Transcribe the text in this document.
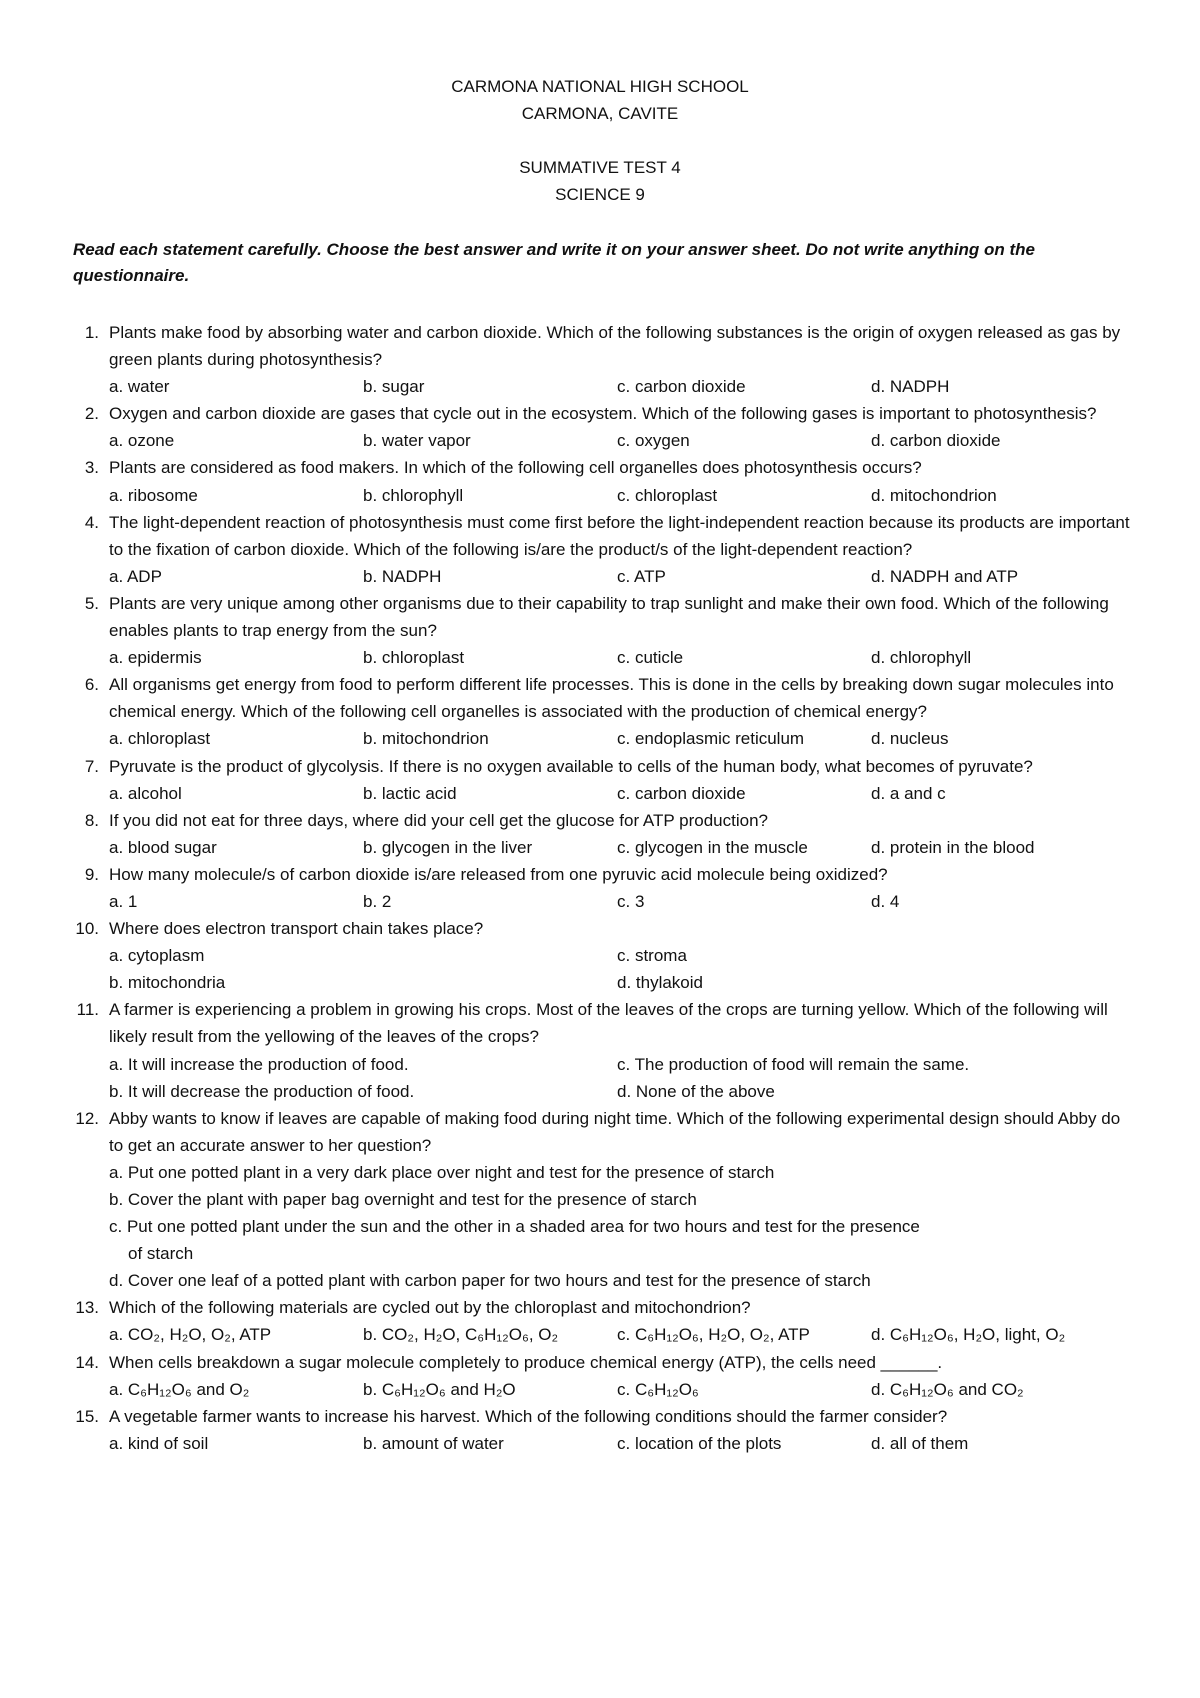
CARMONA NATIONAL HIGH SCHOOL
CARMONA, CAVITE
SUMMATIVE TEST 4
SCIENCE 9
Read each statement carefully. Choose the best answer and write it on your answer sheet. Do not write anything on the questionnaire.
1. Plants make food by absorbing water and carbon dioxide. Which of the following substances is the origin of oxygen released as gas by green plants during photosynthesis?
a. water	b. sugar	c. carbon dioxide	d. NADPH
2. Oxygen and carbon dioxide are gases that cycle out in the ecosystem. Which of the following gases is important to photosynthesis?
a. ozone	b. water vapor	c. oxygen	d. carbon dioxide
3. Plants are considered as food makers. In which of the following cell organelles does photosynthesis occurs?
a. ribosome	b. chlorophyll	c. chloroplast	d. mitochondrion
4. The light-dependent reaction of photosynthesis must come first before the light-independent reaction because its products are important to the fixation of carbon dioxide. Which of the following is/are the product/s of the light-dependent reaction?
a. ADP	b. NADPH	c. ATP	d. NADPH and ATP
5. Plants are very unique among other organisms due to their capability to trap sunlight and make their own food. Which of the following enables plants to trap energy from the sun?
a. epidermis	b. chloroplast	c. cuticle	d. chlorophyll
6. All organisms get energy from food to perform different life processes. This is done in the cells by breaking down sugar molecules into chemical energy. Which of the following cell organelles is associated with the production of chemical energy?
a. chloroplast	b. mitochondrion	c. endoplasmic reticulum	d. nucleus
7. Pyruvate is the product of glycolysis. If there is no oxygen available to cells of the human body, what becomes of pyruvate?
a. alcohol	b. lactic acid	c. carbon dioxide	d. a and c
8. If you did not eat for three days, where did your cell get the glucose for ATP production?
a. blood sugar	b. glycogen in the liver	c. glycogen in the muscle	d. protein in the blood
9. How many molecule/s of carbon dioxide is/are released from one pyruvic acid molecule being oxidized?
a. 1	b. 2	c. 3	d. 4
10. Where does electron transport chain takes place?
a. cytoplasm	c. stroma
b. mitochondria	d. thylakoid
11. A farmer is experiencing a problem in growing his crops. Most of the leaves of the crops are turning yellow. Which of the following will likely result from the yellowing of the leaves of the crops?
a. It will increase the production of food.	c. The production of food will remain the same.
b. It will decrease the production of food.	d. None of the above
12. Abby wants to know if leaves are capable of making food during night time. Which of the following experimental design should Abby do to get an accurate answer to her question?
a. Put one potted plant in a very dark place over night and test for the presence of starch
b. Cover the plant with paper bag overnight and test for the presence of starch
c. Put one potted plant under the sun and the other in a shaded area for two hours and test for the presence
of starch
d. Cover one leaf of a potted plant with carbon paper for two hours and test for the presence of starch
13. Which of the following materials are cycled out by the chloroplast and mitochondrion?
a. CO₂, H₂O, O₂, ATP	b. CO₂, H₂O, C₆H₁₂O₆, O₂	c. C₆H₁₂O₆, H₂O, O₂, ATP	d. C₆H₁₂O₆, H₂O, light, O₂
14. When cells breakdown a sugar molecule completely to produce chemical energy (ATP), the cells need ______.
a. C₆H₁₂O₆ and O₂	b. C₆H₁₂O₆ and H₂O	c. C₆H₁₂O₆	d. C₆H₁₂O₆ and CO₂
15. A vegetable farmer wants to increase his harvest. Which of the following conditions should the farmer consider?
a. kind of soil	b. amount of water	c. location of the plots	d. all of them
